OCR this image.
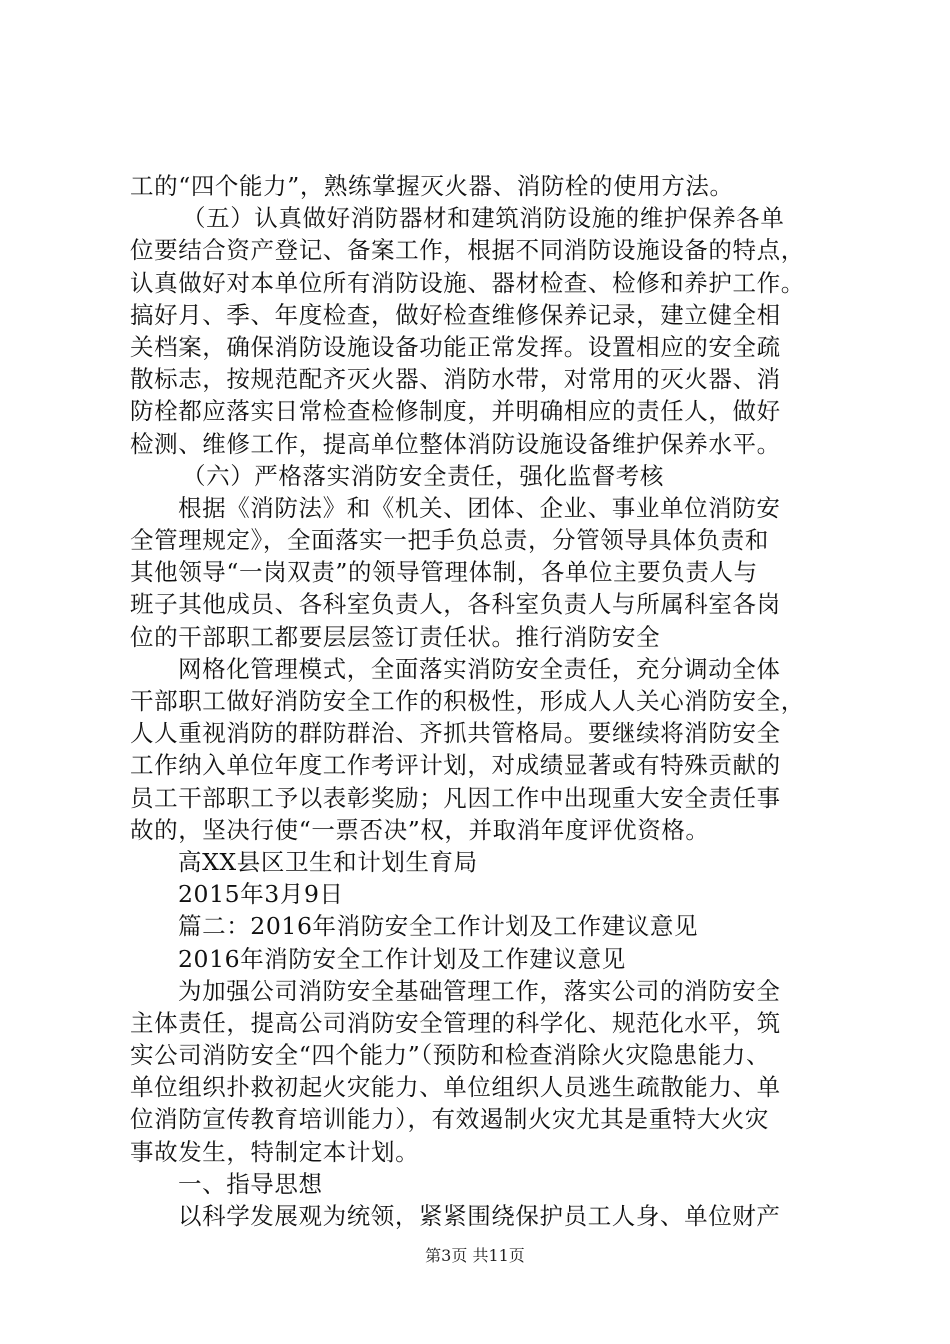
工的“四个能力”，熟练掌握灭火器、消防栓的使用方法。
（五）认真做好消防器材和建筑消防设施的维护保养各单
位要结合资产登记、备案工作，根据不同消防设施设备的特点，
认真做好对本单位所有消防设施、器材检查、检修和养护工作。
搞好月、季、年度检查，做好检查维修保养记录，建立健全相
关档案，确保消防设施设备功能正常发挥。设置相应的安全疏
散标志，按规范配齐灭火器、消防水带，对常用的灭火器、消
防栓都应落实日常检查检修制度，并明确相应的责任人，做好
检测、维修工作，提高单位整体消防设施设备维护保养水平。
（六）严格落实消防安全责任，强化监督考核
根据《消防法》和《机关、团体、企业、事业单位消防安
全管理规定》，全面落实一把手负总责，分管领导具体负责和
其他领导“一岗双责”的领导管理体制，各单位主要负责人与
班子其他成员、各科室负责人，各科室负责人与所属科室各岗
位的干部职工都要层层签订责任状。推行消防安全
网格化管理模式，全面落实消防安全责任，充分调动全体
干部职工做好消防安全工作的积极性，形成人人关心消防安全，
人人重视消防的群防群治、齐抓共管格局。要继续将消防安全
工作纳入单位年度工作考评计划，对成绩显著或有特殊贡献的
员工干部职工予以表彰奖励；凡因工作中出现重大安全责任事
故的，坚决行使“一票否决”权，并取消年度评优资格。
高XX县区卫生和计划生育局
2015年3月9日
篇二：2016年消防安全工作计划及工作建议意见
2016年消防安全工作计划及工作建议意见
为加强公司消防安全基础管理工作，落实公司的消防安全
主体责任，提高公司消防安全管理的科学化、规范化水平，筑
实公司消防安全“四个能力”（预防和检查消除火灾隐患能力、
单位组织扑救初起火灾能力、单位组织人员逃生疏散能力、单
位消防宣传教育培训能力），有效遏制火灾尤其是重特大火灾
事故发生，特制定本计划。
一、指导思想
以科学发展观为统领，紧紧围绕保护员工人身、单位财产
第3页 共11页
